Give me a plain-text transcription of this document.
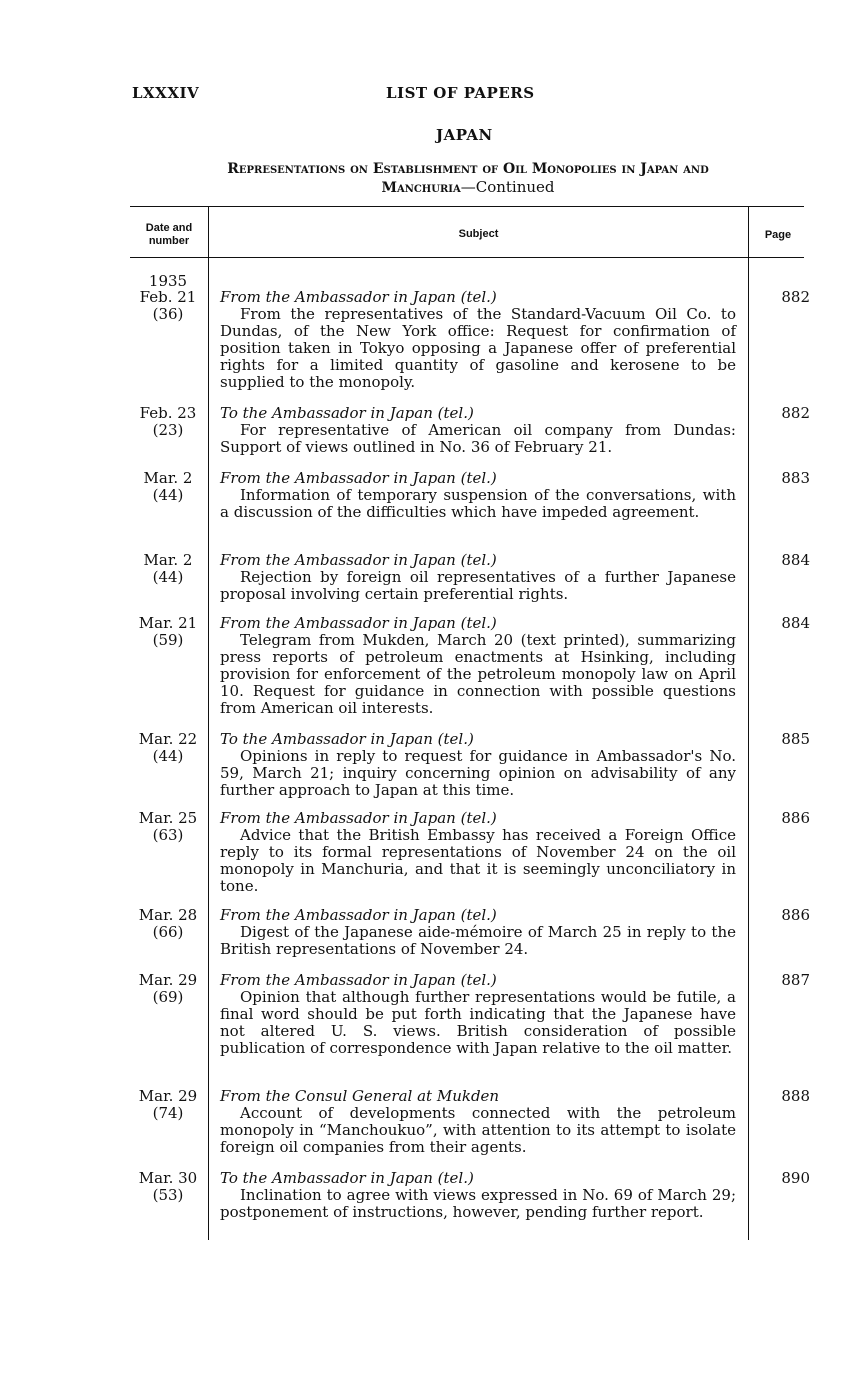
LXXXIV	LIST OF PAPERS
JAPAN
Representations on Establishment of Oil Monopolies in Japan and
Manchuria—Continued
Date and
number
Subject	Page
1935
Feb. 21
(36)
From the Ambassador in Japan (tel.)
From the representatives of the Standard-Vacuum Oil Co. to Dundas, of the New York office: Request for confirmation of position taken in Tokyo opposing a Japanese offer of preferential rights for a limited quantity of gasoline and kerosene to be supplied to the monopoly.
882
Feb. 23
(23)
To the Ambassador in Japan (tel.)
For representative of American oil company from Dundas: Support of views outlined in No. 36 of February 21.
882
Mar. 2
(44)
From the Ambassador in Japan (tel.)
Information of temporary suspension of the conversations, with a discussion of the difficulties which have impeded agreement.
883
Mar. 2
(44)
From the Ambassador in Japan (tel.)
Rejection by foreign oil representatives of a further Japanese proposal involving certain preferential rights.
884
Mar. 21
(59)
From the Ambassador in Japan (tel.)
Telegram from Mukden, March 20 (text printed), summarizing press reports of petroleum enactments at Hsinking, including provision for enforcement of the petroleum monopoly law on April 10. Request for guidance in connection with possible questions from American oil interests.
884
Mar. 22
(44)
To the Ambassador in Japan (tel.)
Opinions in reply to request for guidance in Ambassador's No. 59, March 21; inquiry concerning opinion on advisability of any further approach to Japan at this time.
885
Mar. 25
(63)
From the Ambassador in Japan (tel.)
Advice that the British Embassy has received a Foreign Office reply to its formal representations of November 24 on the oil monopoly in Manchuria, and that it is seemingly unconciliatory in tone.
886
Mar. 28
(66)
From the Ambassador in Japan (tel.)
Digest of the Japanese aide-mémoire of March 25 in reply to the British representations of November 24.
886
Mar. 29
(69)
From the Ambassador in Japan (tel.)
Opinion that although further representations would be futile, a final word should be put forth indicating that the Japanese have not altered U. S. views. British consideration of possible publication of correspondence with Japan relative to the oil matter.
887
Mar. 29
(74)
From the Consul General at Mukden
Account of developments connected with the petroleum monopoly in “Manchoukuo”, with attention to its attempt to isolate foreign oil companies from their agents.
888
Mar. 30
(53)
To the Ambassador in Japan (tel.)
Inclination to agree with views expressed in No. 69 of March 29; postponement of instructions, however, pending further report.
890
